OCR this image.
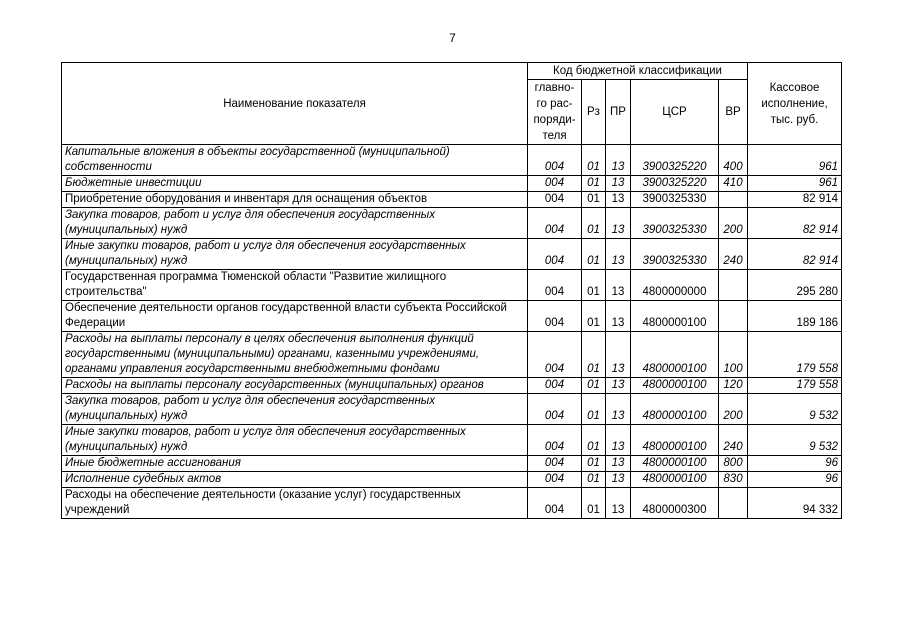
7
Наименование показателя	Код бюджетной классификации					Кассовое исполнение, тыс. руб.
	главно-го рас-поряди-теля	Рз	ПР	ЦСР	ВР	
Капитальные вложения в объекты государственной (муниципальной) собственности	004	01	13	3900325220	400	961
Бюджетные инвестиции	004	01	13	3900325220	410	961
Приобретение оборудования и инвентаря для оснащения объектов	004	01	13	3900325330		82 914
Закупка товаров, работ и услуг для обеспечения государственных (муниципальных) нужд	004	01	13	3900325330	200	82 914
Иные закупки товаров, работ и услуг для обеспечения государственных (муниципальных) нужд	004	01	13	3900325330	240	82 914
Государственная программа Тюменской области "Развитие жилищного строительства"	004	01	13	4800000000		295 280
Обеспечение деятельности органов государственной власти субъекта Российской Федерации	004	01	13	4800000100		189 186
Расходы на выплаты персоналу в целях обеспечения выполнения функций государственными (муниципальными) органами, казенными учреждениями, органами управления государственными внебюджетными фондами	004	01	13	4800000100	100	179 558
Расходы на выплаты персоналу государственных (муниципальных) органов	004	01	13	4800000100	120	179 558
Закупка товаров, работ и услуг для обеспечения государственных (муниципальных) нужд	004	01	13	4800000100	200	9 532
Иные закупки товаров, работ и услуг для обеспечения государственных (муниципальных) нужд	004	01	13	4800000100	240	9 532
Иные бюджетные ассигнования	004	01	13	4800000100	800	96
Исполнение судебных актов	004	01	13	4800000100	830	96
Расходы на обеспечение деятельности (оказание услуг) государственных учреждений	004	01	13	4800000300		94 332
